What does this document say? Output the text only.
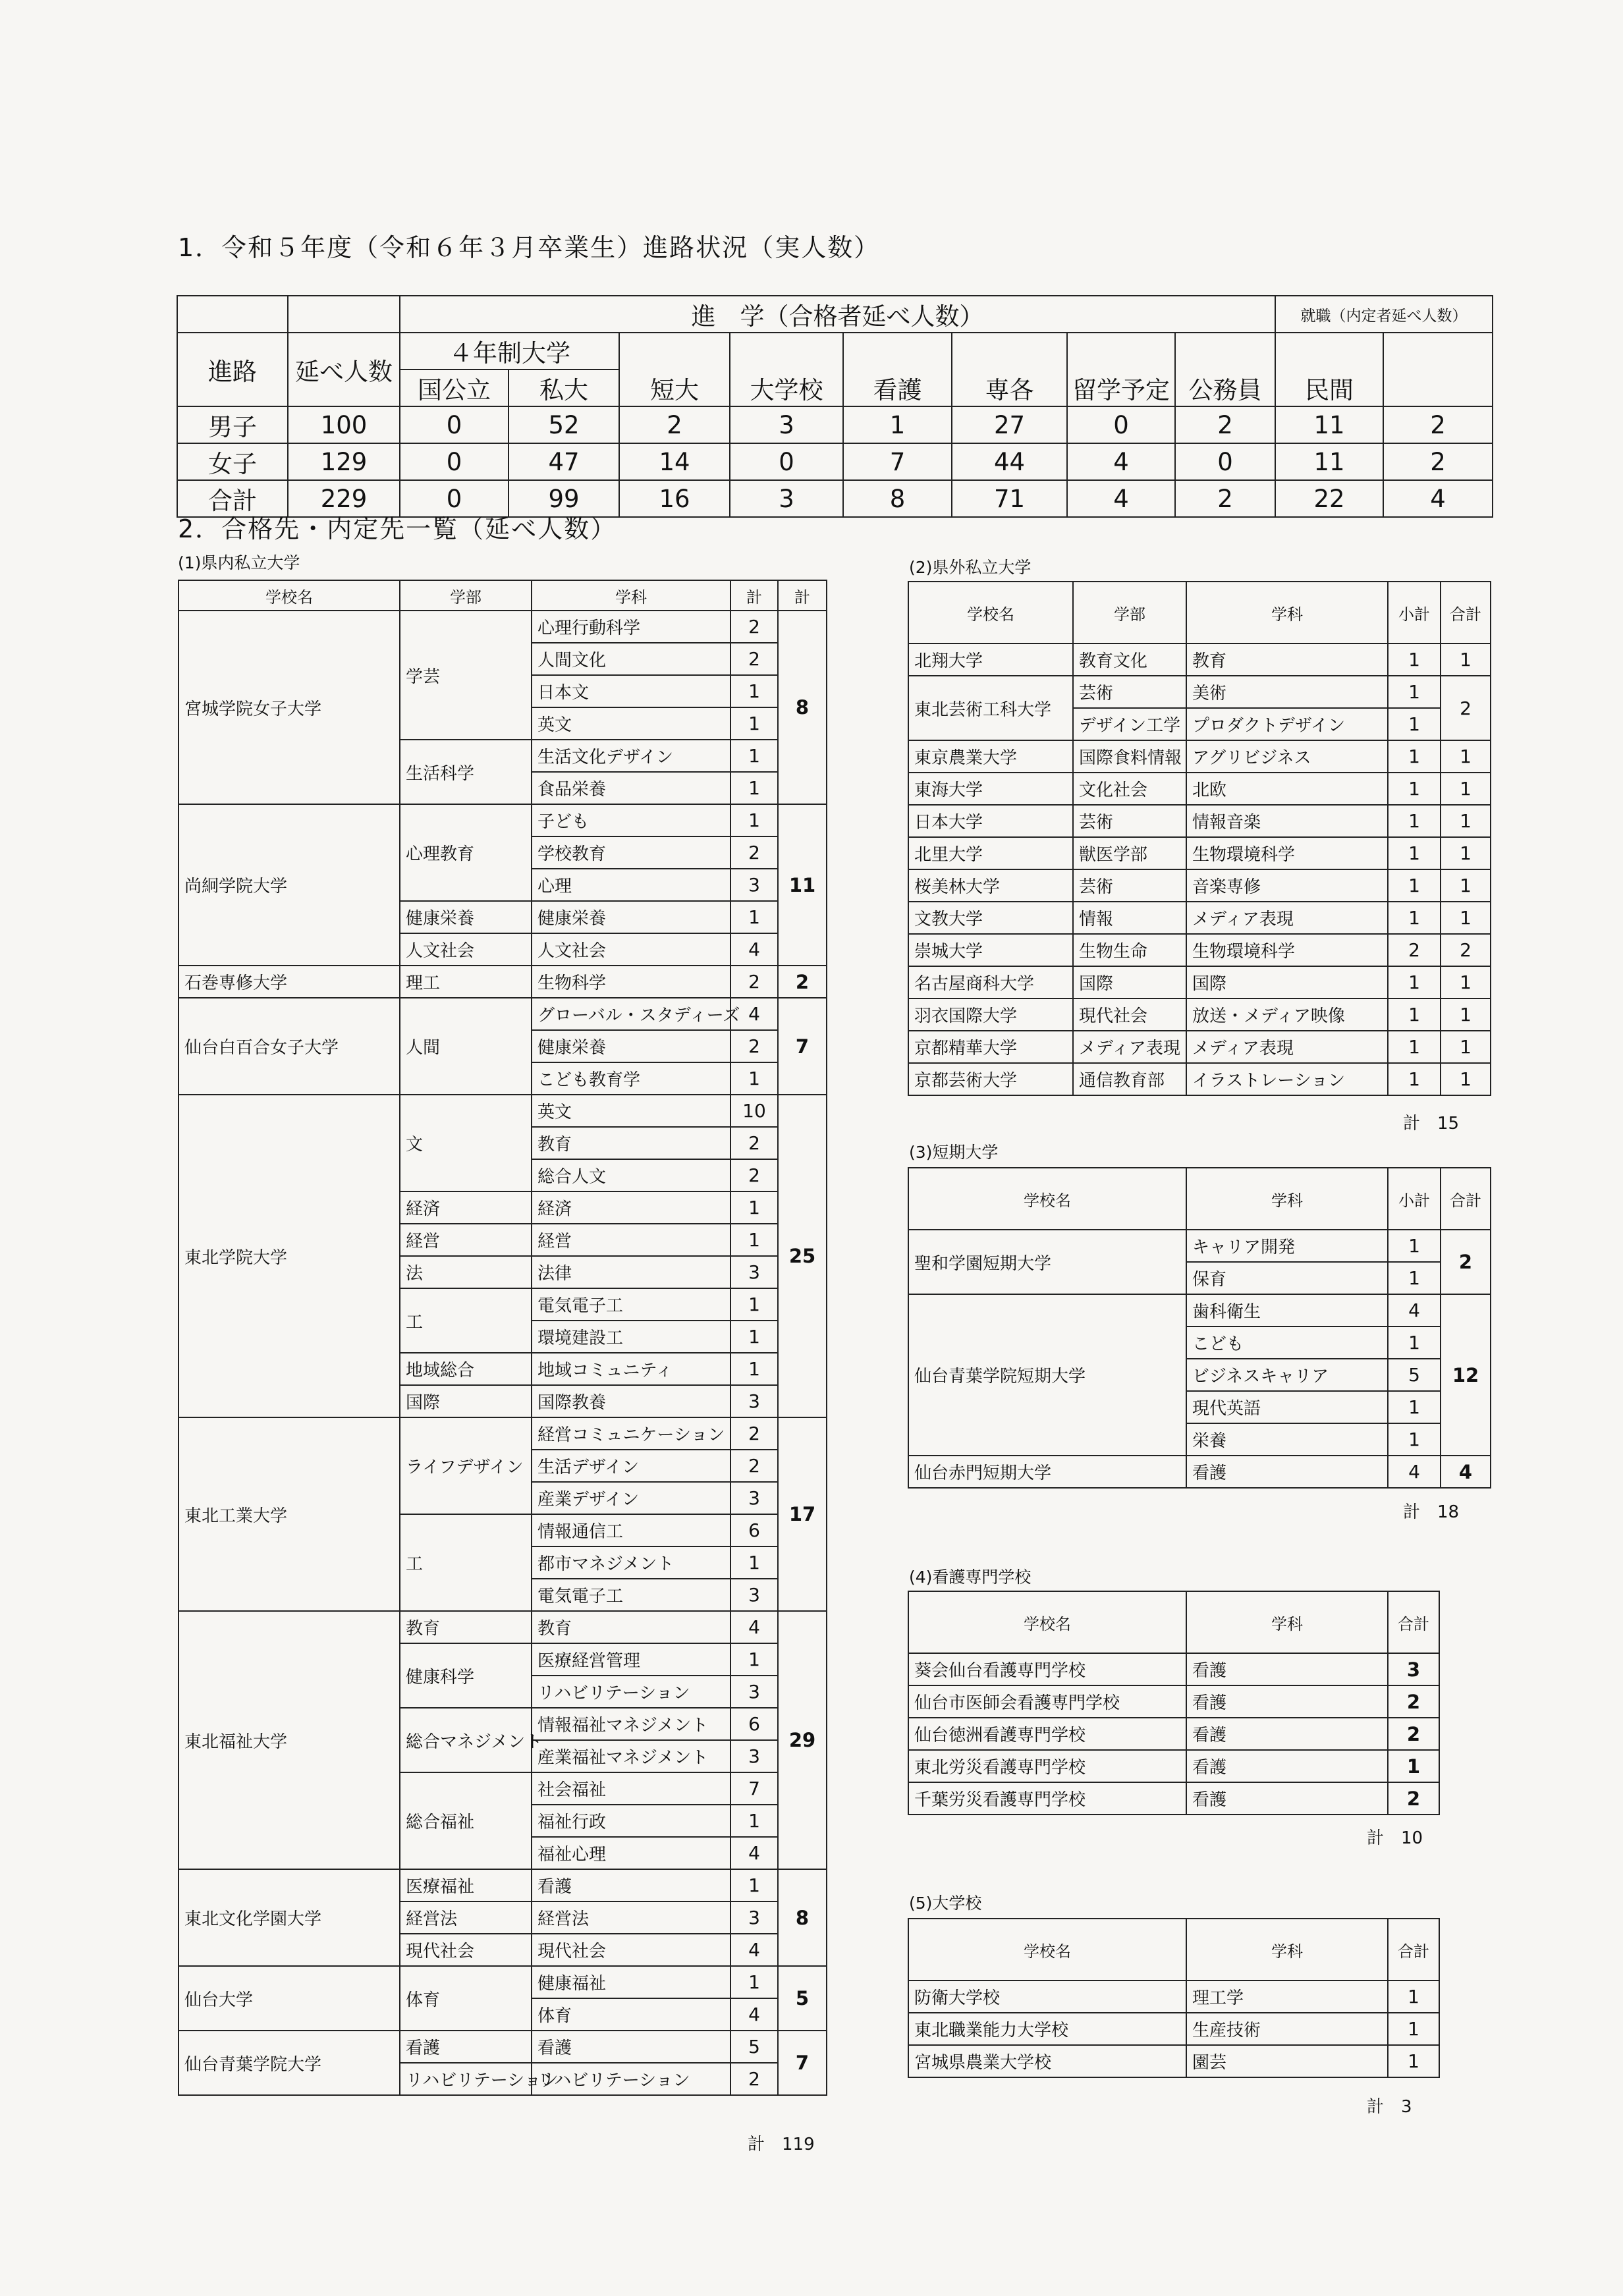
1．令和５年度（令和６年３月卒業生）進路状況（実人数）
		進　学（合格者延べ人数）								就職（内定者延べ人数）	

進路	延べ人数	４年制大学		短大	大学校	看護	専各	留学予定	公務員	民間		
		国公立	私大									
男子	100	0	52	2	3	1	27	0	2	11	2	
女子	129	0	47	14	0	7	44	4	0	11	2	
合計	229	0	99	16	3	8	71	4	2	22	4	
2．合格先・内定先一覧（延べ人数）
(1)県内私立大学
学校名	学部	学科	計	計
宮城学院女子大学	学芸	心理行動科学	2	8
		人間文化	2	
		日本文	1	
		英文	1	
	生活科学	生活文化デザイン	1	
		食品栄養	1	
尚絅学院大学	心理教育	子ども	1	11
		学校教育	2	
		心理	3	
	健康栄養	健康栄養	1	
	人文社会	人文社会	4	
石巻専修大学	理工	生物科学	2	2
仙台白百合女子大学	人間	グローバル・スタディーズ	4	7
		健康栄養	2	
		こども教育学	1	
東北学院大学	文	英文	10	25
		教育	2	
		総合人文	2	
	経済	経済	1	
	経営	経営	1	
	法	法律	3	
	工	電気電子工	1	
		環境建設工	1	
	地域総合	地域コミュニティ	1	
	国際	国際教養	3	
東北工業大学	ライフデザイン	経営コミュニケーション	2	17
		生活デザイン	2	
		産業デザイン	3	
	工	情報通信工	6	
		都市マネジメント	1	
		電気電子工	3	
東北福祉大学	教育	教育	4	29
	健康科学	医療経営管理	1	
		リハビリテーション	3	
	総合マネジメント	情報福祉マネジメント	6	
		産業福祉マネジメント	3	
	総合福祉	社会福祉	7	
		福祉行政	1	
		福祉心理	4	
東北文化学園大学	医療福祉	看護	1	8
	経営法	経営法	3	
	現代社会	現代社会	4	
仙台大学	体育	健康福祉	1	5
		体育	4	
仙台青葉学院大学	看護	看護	5	7
	リハビリテーション	リハビリテーション	2	
計　119
(2)県外私立大学
学校名	学部	学科	小計	合計
北翔大学	教育文化	教育	1	1
東北芸術工科大学	芸術	美術	1	2
	デザイン工学	プロダクトデザイン	1	
東京農業大学	国際食料情報	アグリビジネス	1	1
東海大学	文化社会	北欧	1	1
日本大学	芸術	情報音楽	1	1
北里大学	獣医学部	生物環境科学	1	1
桜美林大学	芸術	音楽専修	1	1
文教大学	情報	メディア表現	1	1
崇城大学	生物生命	生物環境科学	2	2
名古屋商科大学	国際	国際	1	1
羽衣国際大学	現代社会	放送・メディア映像	1	1
京都精華大学	メディア表現	メディア表現	1	1
京都芸術大学	通信教育部	イラストレーション	1	1
計　15
(3)短期大学
学校名	学科	小計	合計
聖和学園短期大学	キャリア開発	1	2
	保育	1	
仙台青葉学院短期大学	歯科衛生	4	12
	こども	1	
	ビジネスキャリア	5	
	現代英語	1	
	栄養	1	
仙台赤門短期大学	看護	4	4
計　18
(4)看護専門学校
学校名	学科	合計
葵会仙台看護専門学校	看護	3
仙台市医師会看護専門学校	看護	2
仙台徳洲看護専門学校	看護	2
東北労災看護専門学校	看護	1
千葉労災看護専門学校	看護	2
計　10
(5)大学校
学校名	学科	合計
防衛大学校	理工学	1
東北職業能力大学校	生産技術	1
宮城県農業大学校	園芸	1
計　3
